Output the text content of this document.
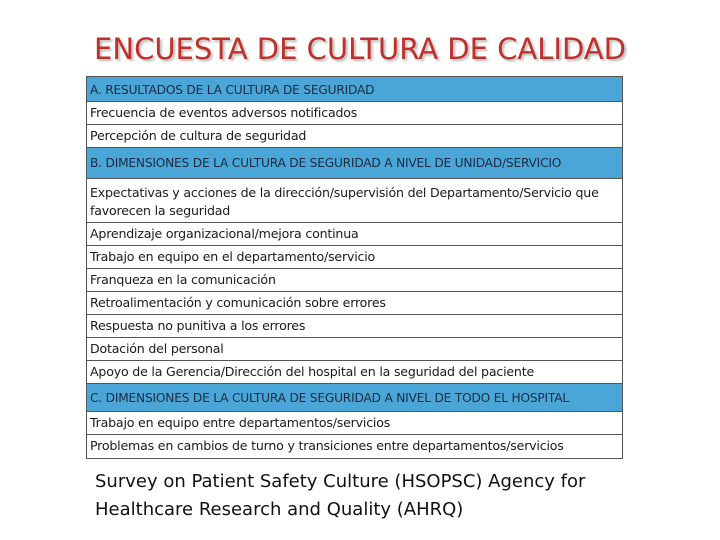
ENCUESTA DE CULTURA DE CALIDAD
A. RESULTADOS DE LA CULTURA DE SEGURIDAD
Frecuencia de eventos adversos notificados
Percepción de cultura de seguridad
B. DIMENSIONES DE LA CULTURA DE SEGURIDAD A NIVEL DE UNIDAD/SERVICIO
Expectativas y acciones de la dirección/supervisión del Departamento/Servicio que favorecen la seguridad
Aprendizaje organizacional/mejora continua
Trabajo en equipo en el departamento/servicio
Franqueza en la comunicación
Retroalimentación y comunicación sobre errores
Respuesta no punitiva a los errores
Dotación del personal
Apoyo de la Gerencia/Dirección del hospital en la seguridad del paciente
C. DIMENSIONES DE LA CULTURA DE SEGURIDAD A NIVEL DE TODO EL HOSPITAL
Trabajo en equipo entre departamentos/servicios
Problemas en cambios de turno y transiciones entre departamentos/servicios
Survey on Patient Safety Culture (HSOPSC) Agency for Healthcare Research and Quality (AHRQ)
